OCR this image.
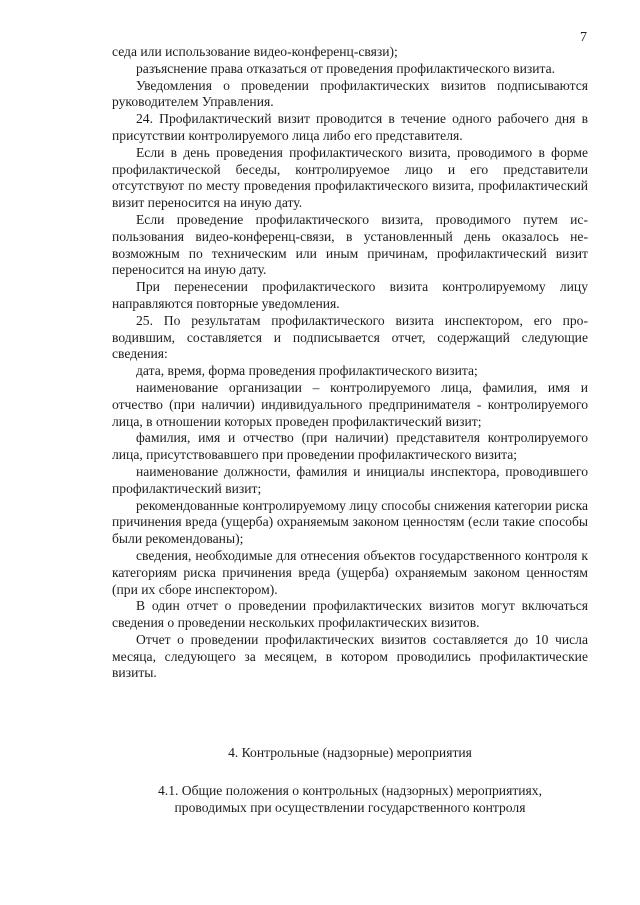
7

седа или использование видео-конференц-связи);

разъяснение права отказаться от проведения профилактического визита.

Уведомления о проведении профилактических визитов подписываются руководителем Управления.

24. Профилактический визит проводится в течение одного рабочего дня в присутствии контролируемого лица либо его представителя.

Если в день проведения профилактического визита, проводимого в форме профилактической беседы, контролируемое лицо и его представители отсутствуют по месту проведения профилактического визита, профилактический визит переносится на иную дату.

Если проведение профилактического визита, проводимого путем использования видео-конференц-связи, в установленный день оказалось невозможным по техническим или иным причинам, профилактический визит переносится на иную дату.

При перенесении профилактического визита контролируемому лицу направляются повторные уведомления.

25. По результатам профилактического визита инспектором, его проводившим, составляется и подписывается отчет, содержащий следующие сведения:

дата, время, форма проведения профилактического визита;

наименование организации – контролируемого лица, фамилия, имя и отчество (при наличии) индивидуального предпринимателя - контролируемого лица, в отношении которых проведен профилактический визит;

фамилия, имя и отчество (при наличии) представителя контролируемого лица, присутствовавшего при проведении профилактического визита;

наименование должности, фамилия и инициалы инспектора, проводившего профилактический визит;

рекомендованные контролируемому лицу способы снижения категории риска причинения вреда (ущерба) охраняемым законом ценностям (если такие способы были рекомендованы);

сведения, необходимые для отнесения объектов государственного контроля к категориям риска причинения вреда (ущерба) охраняемым законом ценностям (при их сборе инспектором).

В один отчет о проведении профилактических визитов могут включаться сведения о проведении нескольких профилактических визитов.

Отчет о проведении профилактических визитов составляется до 10 числа месяца, следующего за месяцем, в котором проводились профилактические визиты.

4. Контрольные (надзорные) мероприятия
4.1. Общие положения о контрольных (надзорных) мероприятиях,
проводимых при осуществлении государственного контроля
